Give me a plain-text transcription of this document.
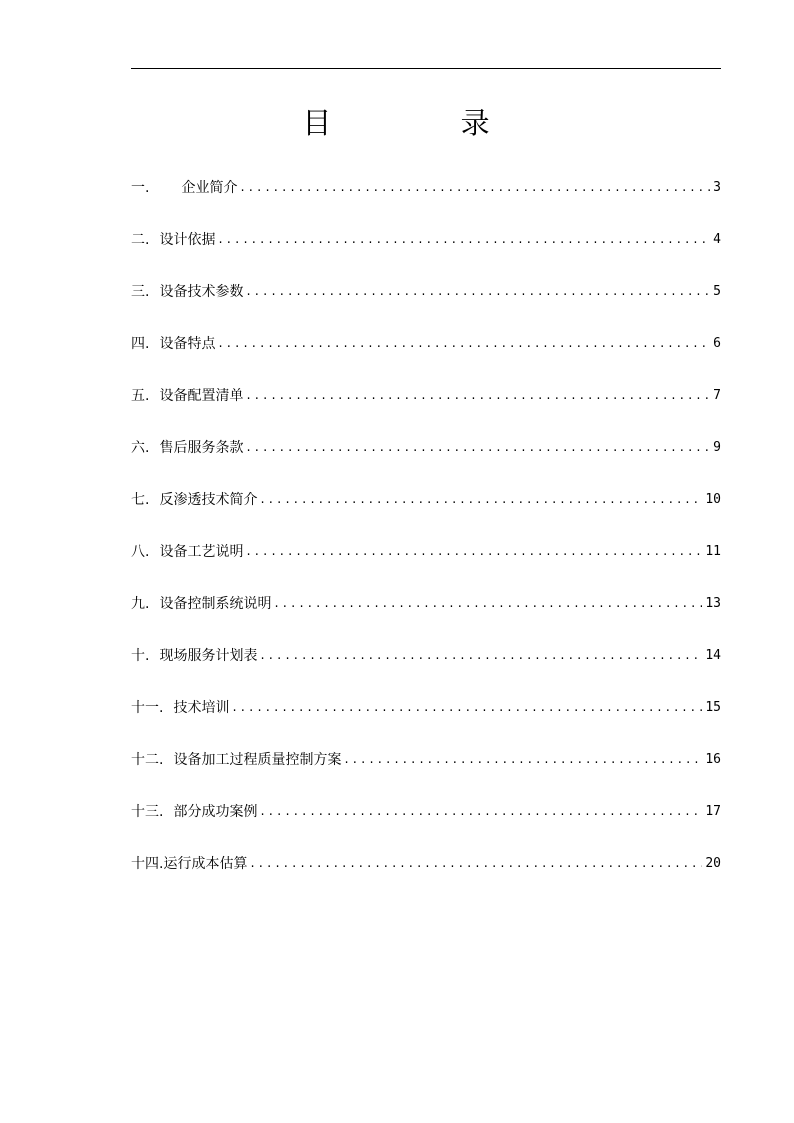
目 录
一. 企业简介 .....	3
二. 设计依据 .....	4
三. 设备技术参数 .....	5
四. 设备特点 .....	6
五. 设备配置清单 .....	7
六. 售后服务条款 .....	9
七. 反渗透技术简介 .....	10
八. 设备工艺说明 .....	11
九. 设备控制系统说明 .....	13
十. 现场服务计划表 .....	14
十一. 技术培训 .....	15
十二. 设备加工过程质量控制方案 .....	16
十三. 部分成功案例 .....	17
十四.运行成本估算 .....	20
